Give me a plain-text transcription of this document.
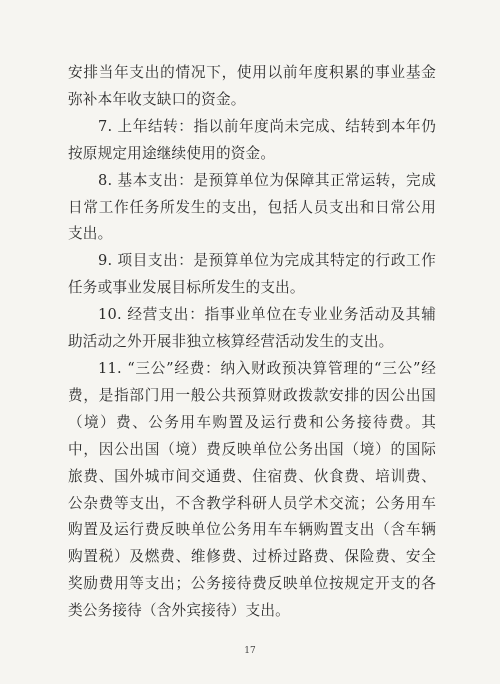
安排当年支出的情况下，使用以前年度积累的事业基金弥补本年收支缺口的资金。

7. 上年结转：指以前年度尚未完成、结转到本年仍按原规定用途继续使用的资金。

8. 基本支出：是预算单位为保障其正常运转，完成日常工作任务所发生的支出，包括人员支出和日常公用支出。

9. 项目支出：是预算单位为完成其特定的行政工作任务或事业发展目标所发生的支出。

10. 经营支出：指事业单位在专业业务活动及其辅助活动之外开展非独立核算经营活动发生的支出。

11. “三公”经费：纳入财政预决算管理的“三公”经费，是指部门用一般公共预算财政拨款安排的因公出国（境）费、公务用车购置及运行费和公务接待费。其中，因公出国（境）费反映单位公务出国（境）的国际旅费、国外城市间交通费、住宿费、伙食费、培训费、公杂费等支出，不含教学科研人员学术交流；公务用车购置及运行费反映单位公务用车车辆购置支出（含车辆购置税）及燃费、维修费、过桥过路费、保险费、安全奖励费用等支出；公务接待费反映单位按规定开支的各类公务接待（含外宾接待）支出。

17
